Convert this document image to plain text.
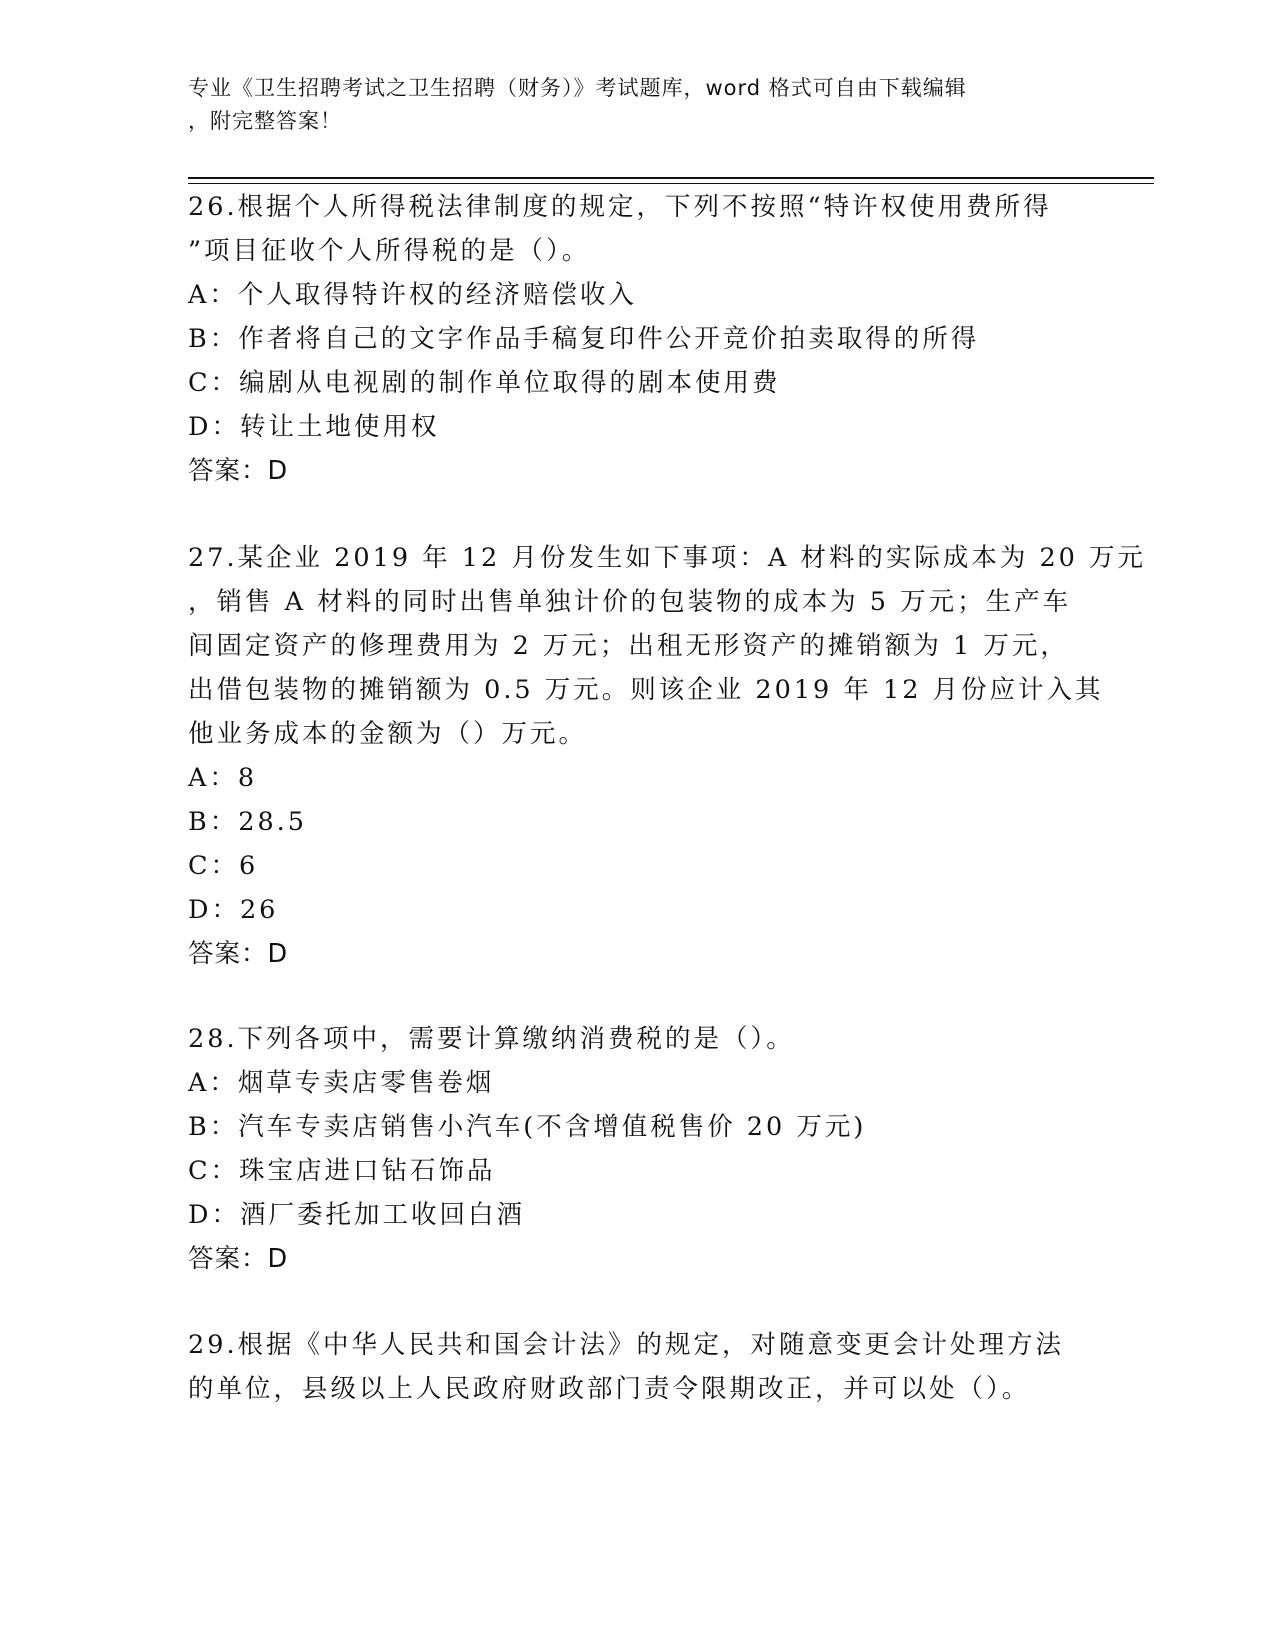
专业《卫生招聘考试之卫生招聘（财务）》考试题库，word 格式可自由下载编辑
，附完整答案！
26.根据个人所得税法律制度的规定，下列不按照“特许权使用费所得
”项目征收个人所得税的是（）。
A：个人取得特许权的经济赔偿收入
B：作者将自己的文字作品手稿复印件公开竞价拍卖取得的所得
C：编剧从电视剧的制作单位取得的剧本使用费
D：转让土地使用权
答案：D
27.某企业 2019 年 12 月份发生如下事项：A 材料的实际成本为 20 万元
，销售 A 材料的同时出售单独计价的包装物的成本为 5 万元；生产车
间固定资产的修理费用为 2 万元；出租无形资产的摊销额为 1 万元，
出借包装物的摊销额为 0.5 万元。则该企业 2019 年 12 月份应计入其
他业务成本的金额为（）万元。
A：8
B：28.5
C：6
D：26
答案：D
28.下列各项中，需要计算缴纳消费税的是（）。
A：烟草专卖店零售卷烟
B：汽车专卖店销售小汽车(不含增值税售价 20 万元)
C：珠宝店进口钻石饰品
D：酒厂委托加工收回白酒
答案：D
29.根据《中华人民共和国会计法》的规定，对随意变更会计处理方法
的单位，县级以上人民政府财政部门责令限期改正，并可以处（）。
